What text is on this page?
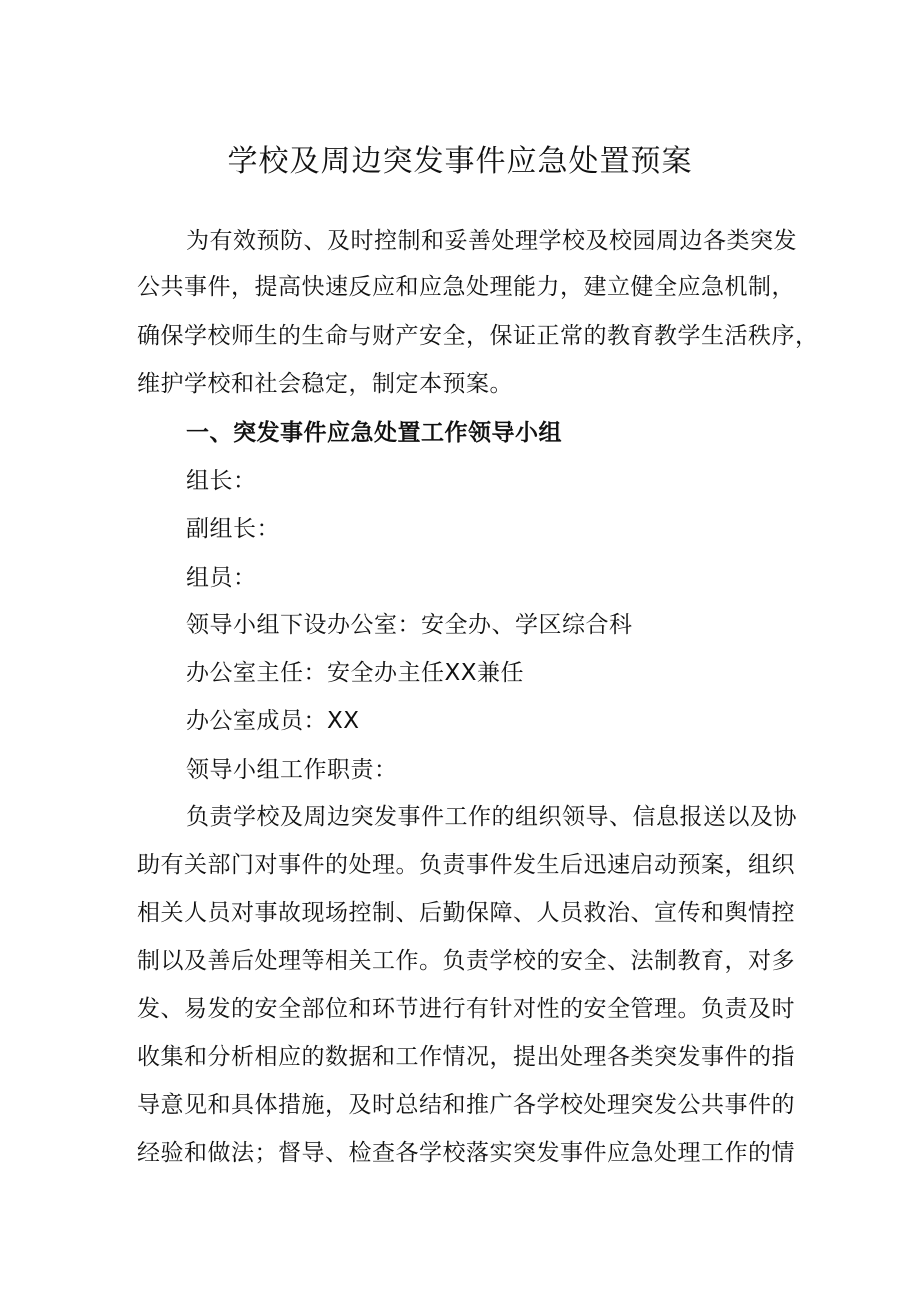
学校及周边突发事件应急处置预案
为有效预防、及时控制和妥善处理学校及校园周边各类突发
公共事件，提高快速反应和应急处理能力，建立健全应急机制，
确保学校师生的生命与财产安全，保证正常的教育教学生活秩序，
维护学校和社会稳定，制定本预案。
一、突发事件应急处置工作领导小组
组长：
副组长：
组员：
领导小组下设办公室：安全办、学区综合科
办公室主任：安全办主任XX兼任
办公室成员：XX
领导小组工作职责：
负责学校及周边突发事件工作的组织领导、信息报送以及协
助有关部门对事件的处理。负责事件发生后迅速启动预案，组织
相关人员对事故现场控制、后勤保障、人员救治、宣传和舆情控
制以及善后处理等相关工作。负责学校的安全、法制教育，对多
发、易发的安全部位和环节进行有针对性的安全管理。负责及时
收集和分析相应的数据和工作情况，提出处理各类突发事件的指
导意见和具体措施，及时总结和推广各学校处理突发公共事件的
经验和做法；督导、检查各学校落实突发事件应急处理工作的情
